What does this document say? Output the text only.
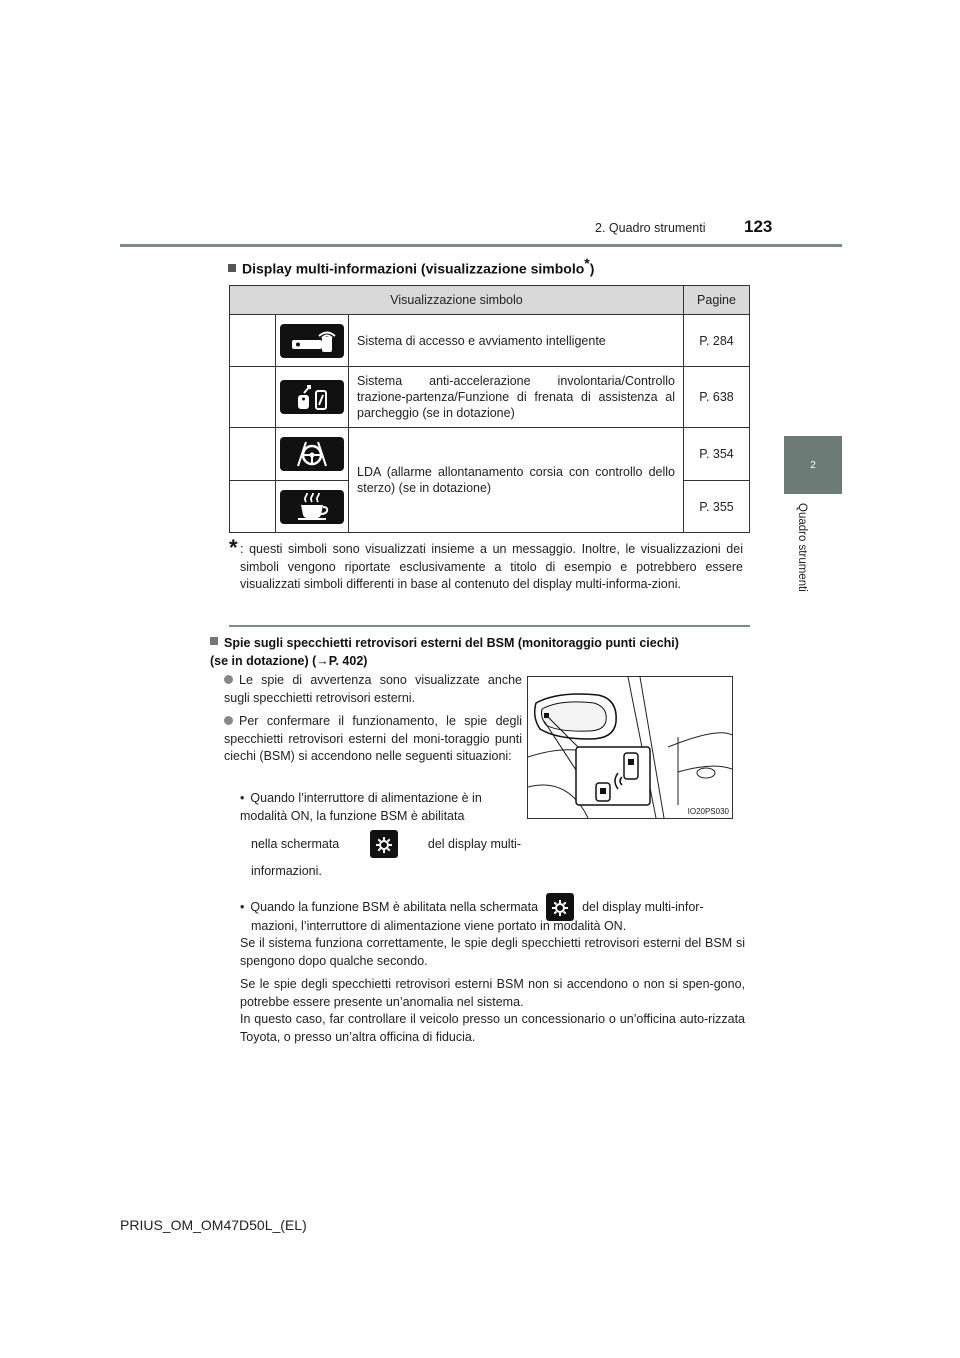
2. Quadro strumenti 123
2
Quadro strumenti
Display multi-informazioni (visualizzazione simbolo*)
Visualizzazione simbolo			Pagine

	Sistema di accesso e avviamento intelligente	P. 284

	Sistema anti-accelerazione involontaria/Controllo trazione-partenza/Funzione di frenata di assistenza al parcheggio (se in dotazione)	P. 638

	LDA (allarme allontanamento corsia con controllo dello sterzo) (se in dotazione)	P. 354

	P. 355
* : questi simboli sono visualizzati insieme a un messaggio. Inoltre, le visualizzazioni dei simboli vengono riportate esclusivamente a titolo di esempio e potrebbero essere visualizzati simboli differenti in base al contenuto del display multi-informa-zioni.
Spie sugli specchietti retrovisori esterni del BSM (monitoraggio punti ciechi)
(se in dotazione) (→P. 402)
Le spie di avvertenza sono visualizzate anche sugli specchietti retrovisori esterni.
Per confermare il funzionamento, le spie degli specchietti retrovisori esterni del moni-toraggio punti ciechi (BSM) si accendono nelle seguenti situazioni:
• Quando l’interruttore di alimentazione è in modalità ON, la funzione BSM è abilitata
nella schermata	del display multi-
informazioni.
IO20PS030
• Quando la funzione BSM è abilitata nella schermata	del display multi-infor-
mazioni, l’interruttore di alimentazione viene portato in modalità ON.
Se il sistema funziona correttamente, le spie degli specchietti retrovisori esterni del BSM si spengono dopo qualche secondo.
Se le spie degli specchietti retrovisori esterni BSM non si accendono o non si spen-gono, potrebbe essere presente un’anomalia nel sistema.
In questo caso, far controllare il veicolo presso un concessionario o un’officina auto-rizzata Toyota, o presso un’altra officina di fiducia.
PRIUS_OM_OM47D50L_(EL)
